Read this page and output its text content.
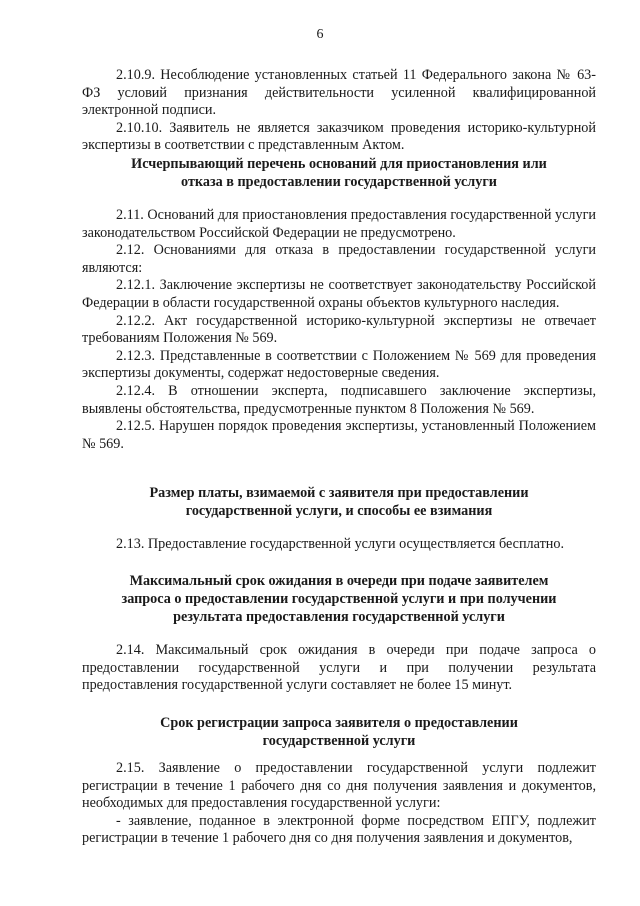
6

2.10.9. Несоблюдение установленных статьей 11 Федерального закона № 63-ФЗ условий признания действительности усиленной квалифицированной электронной подписи.

2.10.10. Заявитель не является заказчиком проведения историко-культурной экспертизы в соответствии с представленным Актом.

Исчерпывающий перечень оснований для приостановления или

отказа в предоставлении государственной услуги

2.11. Оснований для приостановления предоставления государственной услуги законодательством Российской Федерации не предусмотрено.

2.12. Основаниями для отказа в предоставлении государственной услуги являются:

2.12.1. Заключение экспертизы не соответствует законодательству Российской Федерации в области государственной охраны объектов культурного наследия.

2.12.2. Акт государственной историко-культурной экспертизы не отвечает требованиям Положения № 569.

2.12.3. Представленные в соответствии с Положением № 569 для проведения экспертизы документы, содержат недостоверные сведения.

2.12.4. В отношении эксперта, подписавшего заключение экспертизы, выявлены обстоятельства, предусмотренные пунктом 8 Положения № 569.

2.12.5. Нарушен порядок проведения экспертизы, установленный Положением № 569.

Размер платы, взимаемой с заявителя при предоставлении

государственной услуги, и способы ее взимания

2.13. Предоставление государственной услуги осуществляется бесплатно.

Максимальный срок ожидания в очереди при подаче заявителем

запроса о предоставлении государственной услуги и при получении

результата предоставления государственной услуги

2.14. Максимальный срок ожидания в очереди при подаче запроса о предоставлении государственной услуги и при получении результата предоставления государственной услуги составляет не более 15 минут.

Срок регистрации запроса заявителя о предоставлении

государственной услуги

2.15. Заявление о предоставлении государственной услуги подлежит регистрации в течение 1 рабочего дня со дня получения заявления и документов, необходимых для предоставления государственной услуги:

- заявление, поданное в электронной форме посредством ЕПГУ, подлежит регистрации в течение 1 рабочего дня со дня получения заявления и документов,
